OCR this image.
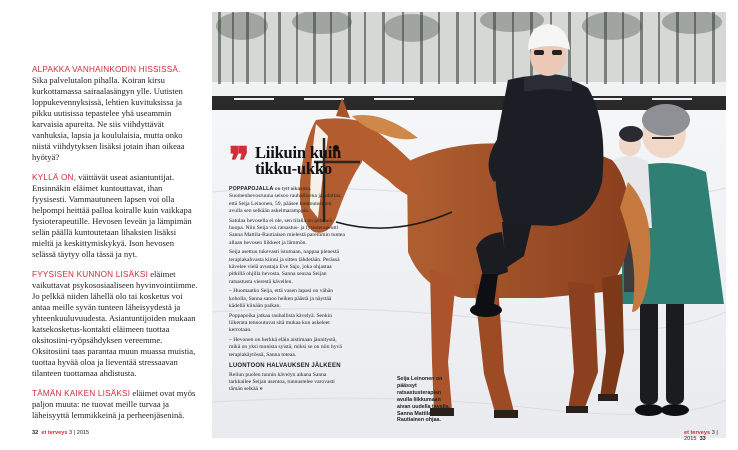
ALPAKKA VANHAINKODIN HISSISSÄ.
Sika palvelutalon pihalla. Koiran kirsu kurkottamassa sairaalasängyn ylle. Uutisten loppukevennyksissä, lehtien kuvituksissa ja pikku uutisissa tepastelee yhä useammin karvaisia apureita. Ne siis viihdyttävät vanhuksia, lapsia ja koululaisia, mutta onko niistä viihdytyksen lisäksi jotain ihan oikeaa hyötyä?

KYLLÄ ON, väittävät useat asiantuntijat. Ensinnäkin eläimet kuntouttavat, ihan fyysisesti. Vammautuneen lapsen voi olla helpompi heittää palloa koiralle kuin vaikkapa fysioterapeutille. Hevosen leveän ja lämpimän selän päällä kuntoutetaan lihaksien lisäksi mieltä ja keskittymiskykyä. Ison hevosen selässä täytyy olla tässä ja nyt.

FYYSISEN KUNNON LISÄKSI eläimet vaikuttavat psykososiaaliseen hyvinvointiimme. Jo pelkkä niiden lähellä olo tai kosketus voi antaa meille syvän tunteen läheisyydestä ja yhteenkuuluvuudesta. Asiantuntijoiden mukaan katsekosketus-kontakti eläimeen tuottaa oksitosiini-ryöpsähdyksen vereemme. Oksitosiini taas parantaa muun muassa muistia, tuottaa hyvää oloa ja lieventää stressaavan tilanteen tuottamaa ahdistusta.

TÄMÄN KAIKEN LISÄKSI eläimet ovat myös paljon muuta: ne tuovat meille turvaa ja läheisyyttä lemmikkeinä ja perheenjäseninä.

32 et terveys 3 | 2015
❞ Liikuin kuin tikku-ukko

POPPAPOJALLA on tytt aikaansa. Suomenhevosruuna seisoo rauhallisena ja odottaa, että Seija Leinonen, 59, pääsee kuntoutustuen avulla sen selkään askelmaramppia.

Satulaa hevosella ei ole, sen tilalla on pehmeä huopa. Niin Seija voi ratsastus- ja fysioterapeutti Sanna Mattila-Rautiaisen mielestä paremmin tuntea allaan hevosen liikkeet ja lämmön.

Seija asettuu tukevasti istumaan, nappaa pienestä terapiakahvasta kiinni ja sitten lähdetään. Perässä kävelee vielä avustaja Eve Sajo, joka ohjastaa pitkillä ohjilla hevosta. Sanna seuraa Seijan ratsastusta vierestä kävellen.

– Huomaatko Seija, että vasen lapasi on vähän koholla, Sanna sanoo heiken päästä ja näyttää kädellä kiinään paikan.

Poppapoika jatkaa rauhallista kävelyä. Senkin liikerata tennoutuvat sitä mukaa kun askeleet kerrotaan.

– Hevonen on herkkä eläin aistimaan jännitystä, mikä on yksi monista syistä, miksi se on niin hyvä terapiakäytössä, Sanna toteaa.

LUONTOON HALVAUKSEN JÄLKEEN

Reilun puolen tunnin kävelyn aikana Sanna tarkkailee Seijan asentoa, tunnustelee varovasti tämän selkää »

Seija Leinonen on päässyt ratsastusterapian avulla liikkumaan aivan uudella tavalla. Sanna Mattila-Rautiainen ohjaa.
et terveys 3 | 2015 33
